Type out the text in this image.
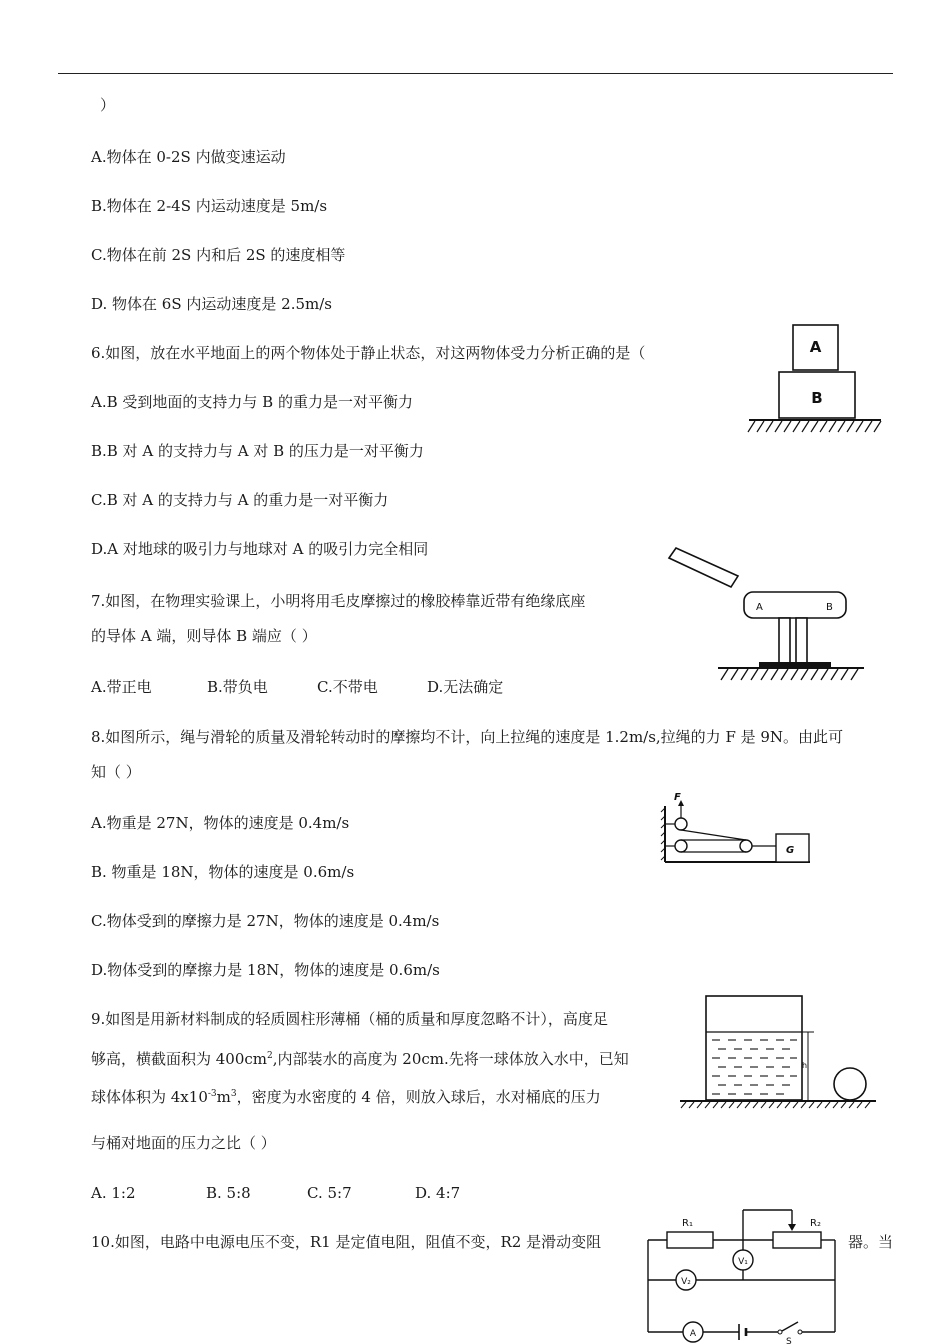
）
A.物体在 0-2S 内做变速运动
B.物体在 2-4S 内运动速度是 5m/s
C.物体在前 2S 内和后 2S 的速度相等
D. 物体在 6S 内运动速度是 2.5m/s
6.如图，放在水平地面上的两个物体处于静止状态，对这两物体受力分析正确的是（
A.B 受到地面的支持力与 B 的重力是一对平衡力
B.B 对 A 的支持力与 A 对 B 的压力是一对平衡力
C.B 对 A 的支持力与 A 的重力是一对平衡力
D.A 对地球的吸引力与地球对 A 的吸引力完全相同
A
B
7.如图，在物理实验课上，小明将用毛皮摩擦过的橡胶棒靠近带有绝缘底座
的导体 A 端，则导体 B 端应（ ）
A.带正电	B.带负电	C.不带电	D.无法确定
A	B
8.如图所示，绳与滑轮的质量及滑轮转动时的摩擦均不计，向上拉绳的速度是 1.2m/s,拉绳的力 F 是 9N。由此可
知（ ）
A.物重是 27N，物体的速度是 0.4m/s
B. 物重是 18N，物体的速度是 0.6m/s
C.物体受到的摩擦力是 27N，物体的速度是 0.4m/s
D.物体受到的摩擦力是 18N，物体的速度是 0.6m/s
F
G
9.如图是用新材料制成的轻质圆柱形薄桶（桶的质量和厚度忽略不计），高度足
够高，横截面积为 $400cm^2$,内部装水的高度为 20cm.先将一球体放入水中，已知
球体体积为 $4x10^{-3}m^3$，密度为水密度的 4 倍，则放入球后，水对桶底的压力
与桶对地面的压力之比（ ）
A. 1:2	B. 5:8	C. 5:7	D. 4:7
h
10.如图，电路中电源电压不变，R1 是定值电阻，阻值不变，R2 是滑动变阻	器。当
R₁	R₂
V₁
V₂
A
S
